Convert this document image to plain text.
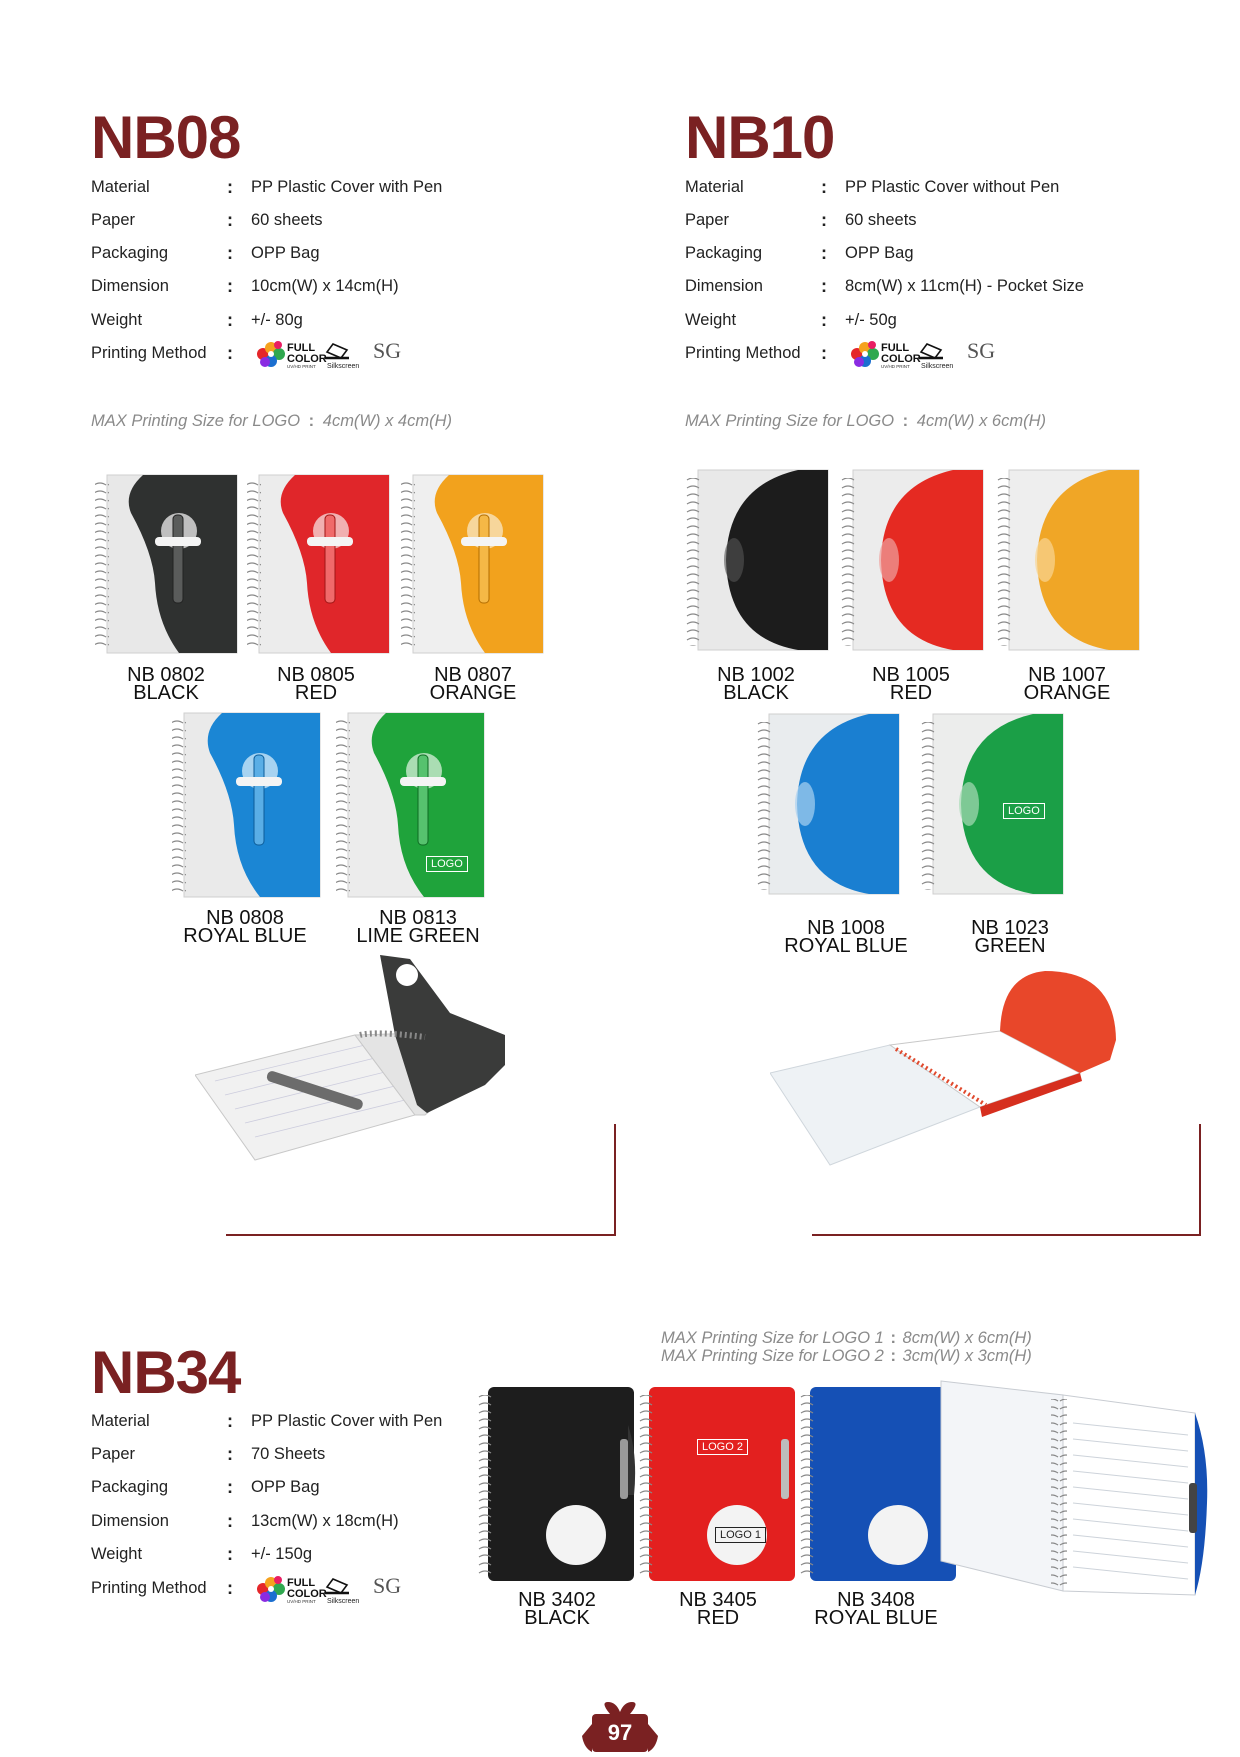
NB08
Material	: PP Plastic Cover with Pen
Paper	: 60 sheets
Packaging	: OPP Bag
Dimension	: 10cm(W) x 14cm(H)
Weight	: +/- 80g
Printing Method :	FULL
COLOR
UV/HD PRINT Silkscreen
SG
MAX Printing Size for LOGO : 4cm(W) x 4cm(H)
NB 0802
BLACK
NB 0805
RED
NB 0807
ORANGE
LOGO
NB 0808
ROYAL BLUE
NB 0813
LIME GREEN
NB10
Material	: PP Plastic Cover without Pen
Paper	: 60 sheets
Packaging	: OPP Bag
Dimension	: 8cm(W) x 11cm(H) - Pocket Size
Weight	: +/- 50g
Printing Method :	FULL
COLOR
UV/HD PRINT Silkscreen
SG
MAX Printing Size for LOGO : 4cm(W) x 6cm(H)
NB 1002
BLACK
NB 1005
RED
NB 1007
ORANGE
LOGO
NB 1008
ROYAL BLUE
NB 1023
GREEN
NB34
Material	: PP Plastic Cover with Pen
Paper	: 70 Sheets
Packaging	: OPP Bag
Dimension	: 13cm(W) x 18cm(H)
Weight	: +/- 150g
Printing Method :	FULL
COLOR
UV/HD PRINT Silkscreen
SG
MAX Printing Size for LOGO 1 : 8cm(W) x 6cm(H)
MAX Printing Size for LOGO 2 : 3cm(W) x 3cm(H)
LOGO 2
LOGO 1
NB 3402
BLACK
NB 3405
RED
NB 3408
ROYAL BLUE
97
